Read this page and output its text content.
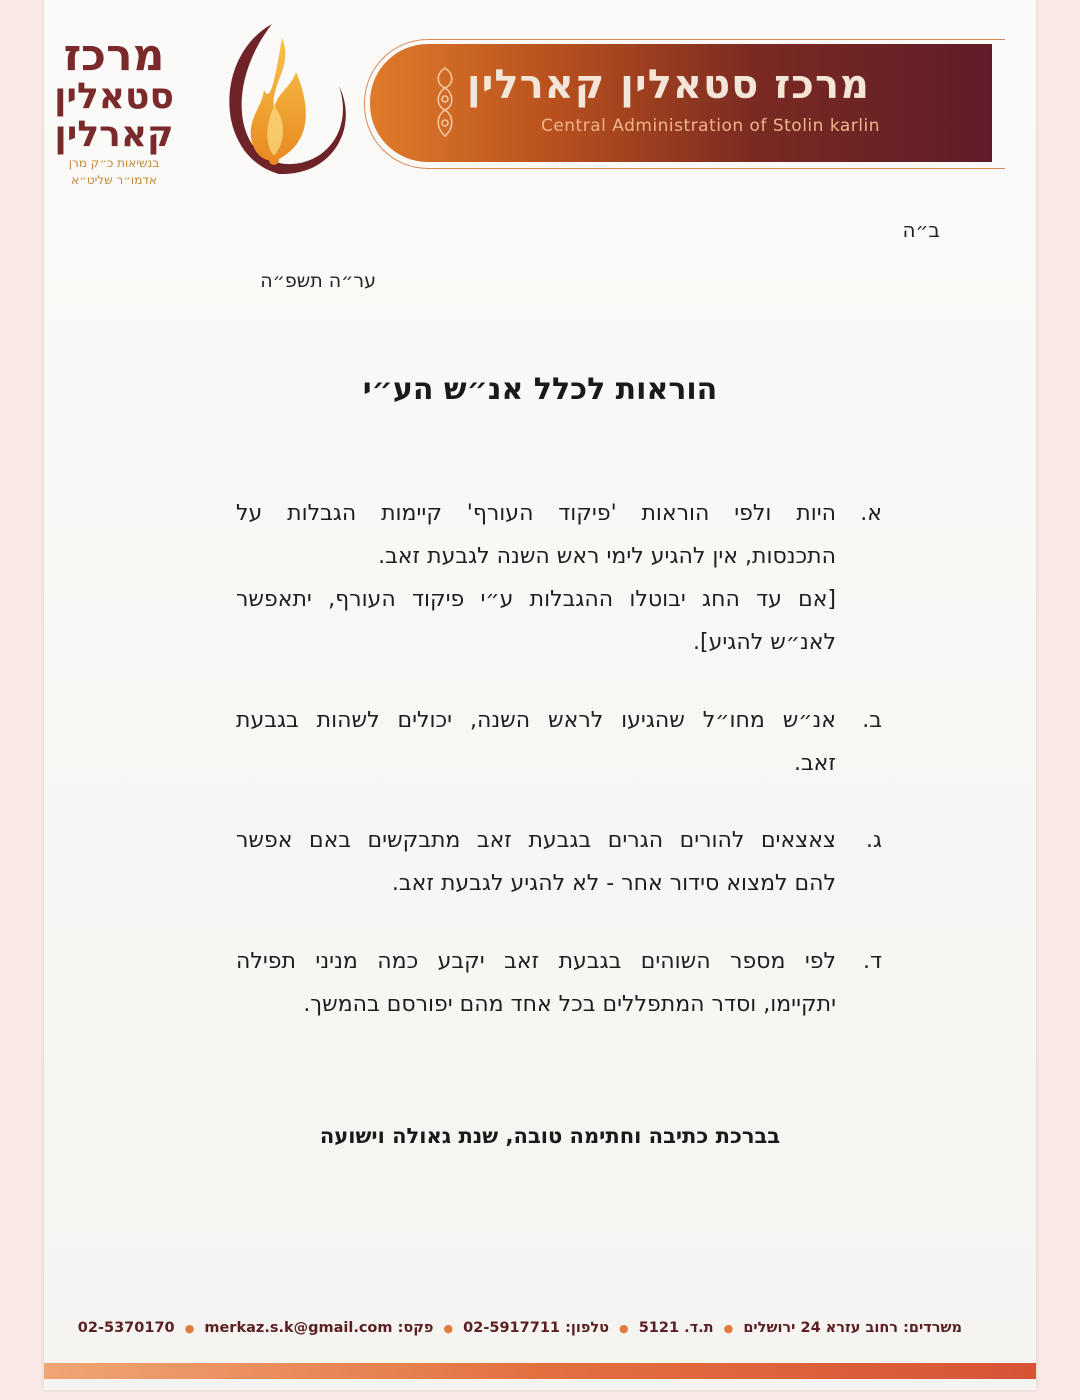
מרכז
סטאלין
קארלין
בנשיאות כ״ק מרן
אדמו״ר שליט״א
מרכז סטאלין קארלין
Central Administration of Stolin karlin
ב״ה
ער״ה תשפ״ה
הוראות לכלל אנ״ש הע״י
א.
היות ולפי הוראות 'פיקוד העורף' קיימות הגבלות על
התכנסות, אין להגיע לימי ראש השנה לגבעת זאב.
[אם עד החג יבוטלו ההגבלות ע״י פיקוד העורף, יתאפשר
לאנ״ש להגיע].
ב.
אנ״ש מחו״ל שהגיעו לראש השנה, יכולים לשהות בגבעת
זאב.
ג.
צאצאים להורים הגרים בגבעת זאב מתבקשים באם אפשר
להם למצוא סידור אחר - לא להגיע לגבעת זאב.
ד.
לפי מספר השוהים בגבעת זאב יקבע כמה מניני תפילה
יתקיימו, וסדר המתפללים בכל אחד מהם יפורסם בהמשך.
בברכת כתיבה וחתימה טובה, שנת גאולה וישועה
משרדים: רחוב עזרא 24 ירושלים ● ת.ד. 5121 ● טלפון: 02-5917711 ● פקס: 02-5370170 ● merkaz.s.k@gmail.com
